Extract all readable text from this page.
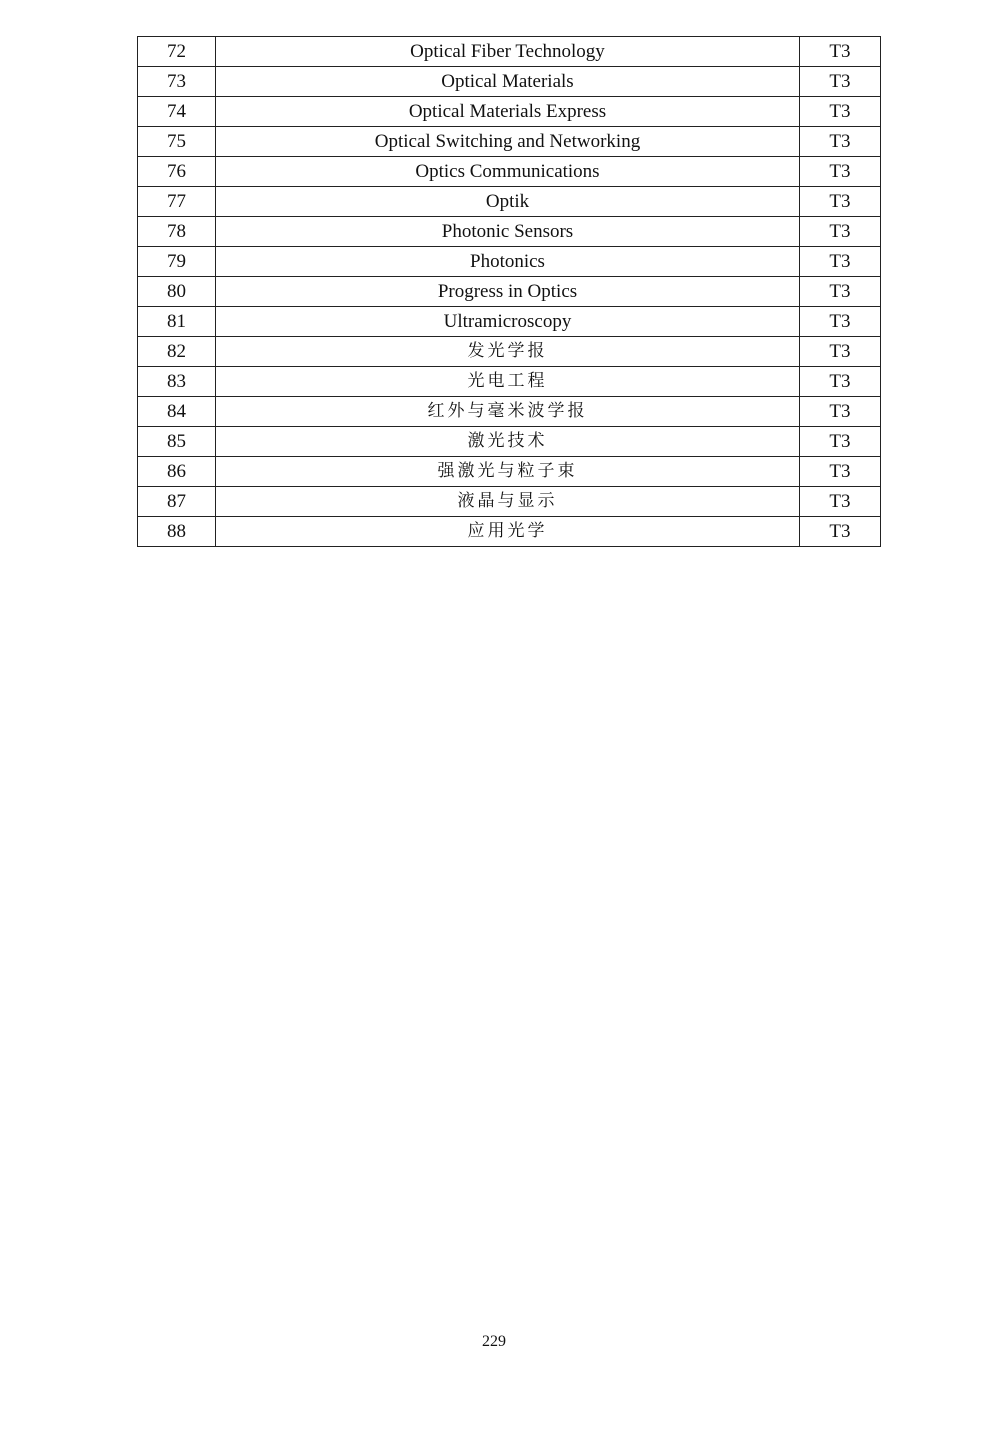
72	Optical Fiber Technology	T3
73	Optical Materials	T3
74	Optical Materials Express	T3
75	Optical Switching and Networking	T3
76	Optics Communications	T3
77	Optik	T3
78	Photonic Sensors	T3
79	Photonics	T3
80	Progress in Optics	T3
81	Ultramicroscopy	T3
82	发光学报	T3
83	光电工程	T3
84	红外与毫米波学报	T3
85	激光技术	T3
86	强激光与粒子束	T3
87	液晶与显示	T3
88	应用光学	T3
229
